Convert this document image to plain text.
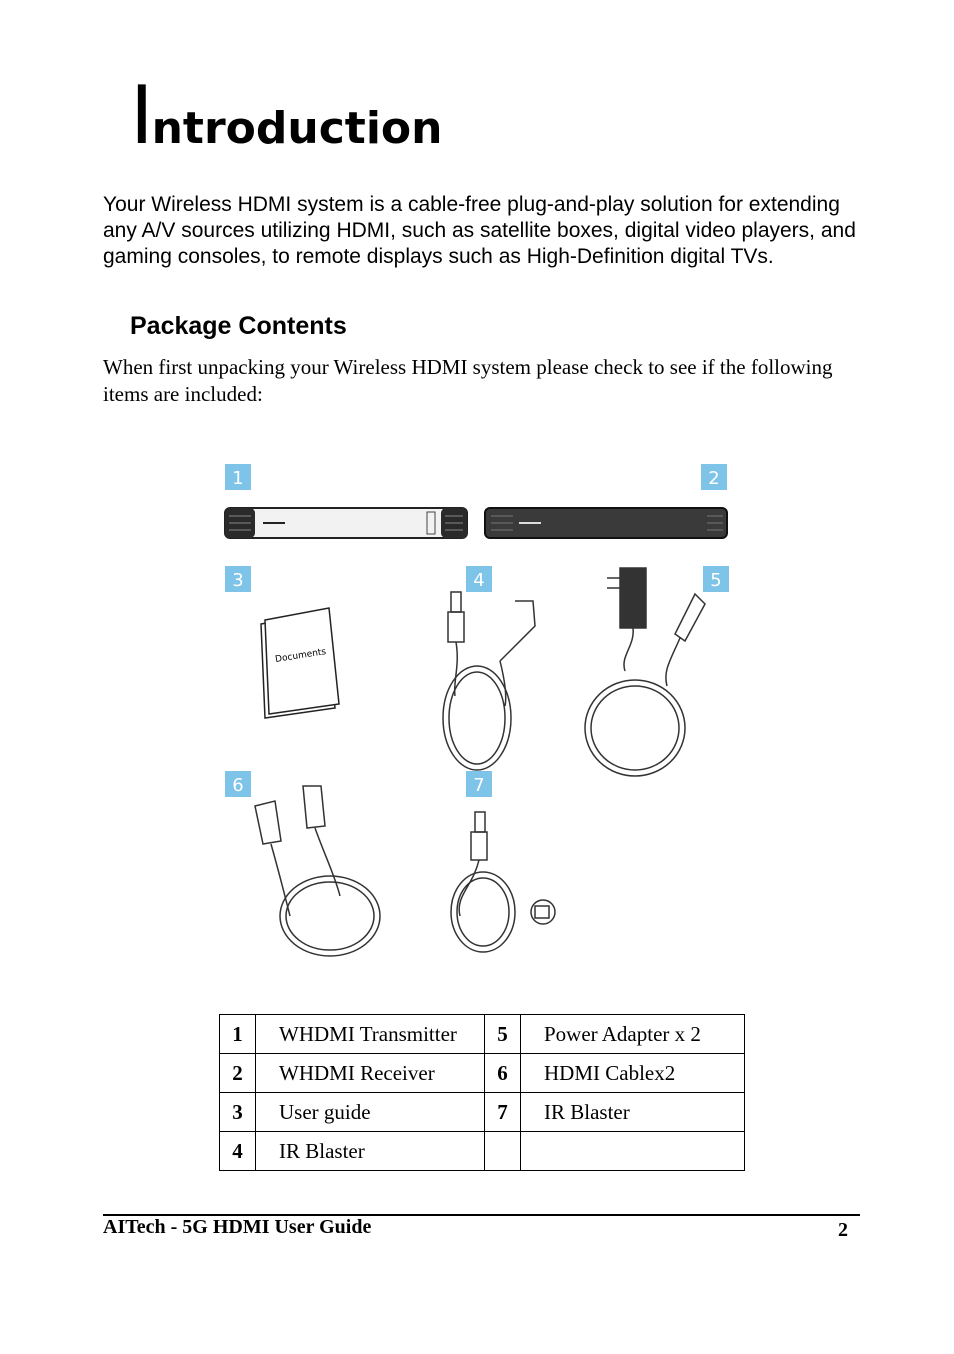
Introduction

Your Wireless HDMI system is a cable-free plug-and-play solution for extending any A/V sources utilizing HDMI, such as satellite boxes, digital video players, and gaming consoles, to remote displays such as High-Definition digital TVs.

Package Contents

When first unpacking your Wireless HDMI system please check to see if the following items are included:

1	2
3	4	5
6	7
Documents
1	WHDMI Transmitter	5	Power Adapter x 2
2	WHDMI Receiver	6	HDMI Cablex2
3	User guide	7	IR Blaster
4	IR Blaster		
AITech - 5G HDMI User Guide	2
